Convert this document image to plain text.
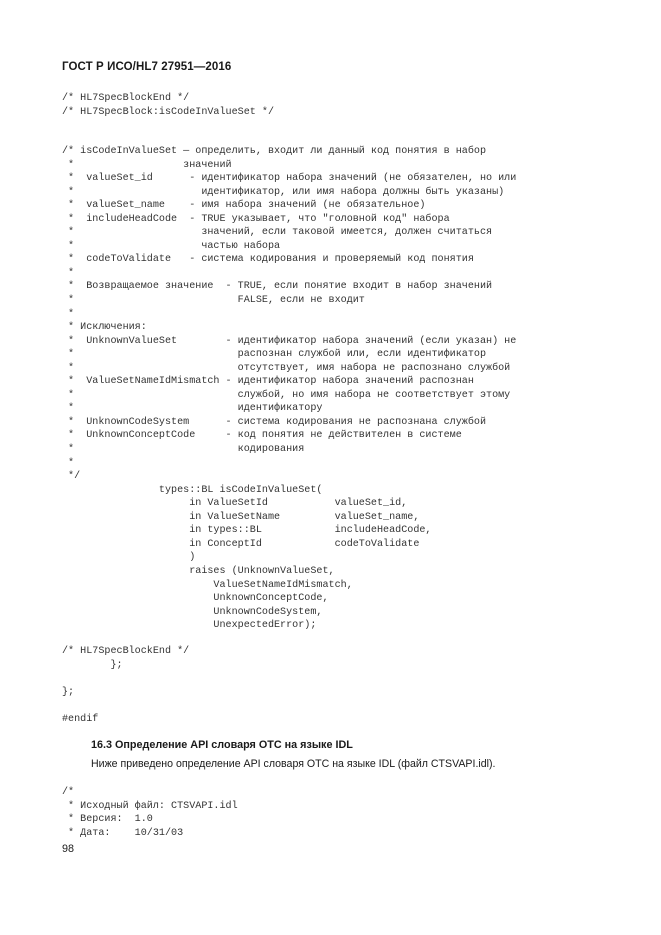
ГОСТ Р ИСО/HL7 27951—2016
/* HL7SpecBlockEnd */
/* HL7SpecBlock:isCodeInValueSet */
/* isCodeInValueSet — определить, входит ли данный код понятия в набор
*                  значений
*  valueSet_id      - идентификатор набора значений (не обязателен, но или
*                     идентификатор, или имя набора должны быть указаны)
*  valueSet_name    - имя набора значений (не обязательное)
*  includeHeadCode  - TRUE указывает, что "головной код" набора
*                     значений, если таковой имеется, должен считаться
*                     частью набора
*  codeToValidate   - система кодирования и проверяемый код понятия
*
*  Возвращаемое значение  - TRUE, если понятие входит в набор значений
*                           FALSE, если не входит
*
* Исключения:
*  UnknownValueSet        - идентификатор набора значений (если указан) не
*                           распознан службой или, если идентификатор
*                           отсутствует, имя набора не распознано службой
*  ValueSetNameIdMismatch - идентификатор набора значений распознан
*                           службой, но имя набора не соответствует этому
*                           идентификатору
*  UnknownCodeSystem      - система кодирования не распознана службой
*  UnknownConceptCode     - код понятия не действителен в системе
*                           кодирования
*
*/
types::BL isCodeInValueSet(
in ValueSetId           valueSet_id,
in ValueSetName         valueSet_name,
in types::BL            includeHeadCode,
in ConceptId            codeToValidate
)
raises (UnknownValueSet,
ValueSetNameIdMismatch,
UnknownConceptCode,
UnknownCodeSystem,
UnexpectedError);
/* HL7SpecBlockEnd */
};

};

#endif
16.3 Определение API словаря ОТС на языке IDL
Ниже приведено определение API словаря ОТС на языке IDL (файл CTSVAPI.idl).
/*
* Исходный файл: CTSVAPI.idl
* Версия:  1.0
* Дата:    10/31/03
98
